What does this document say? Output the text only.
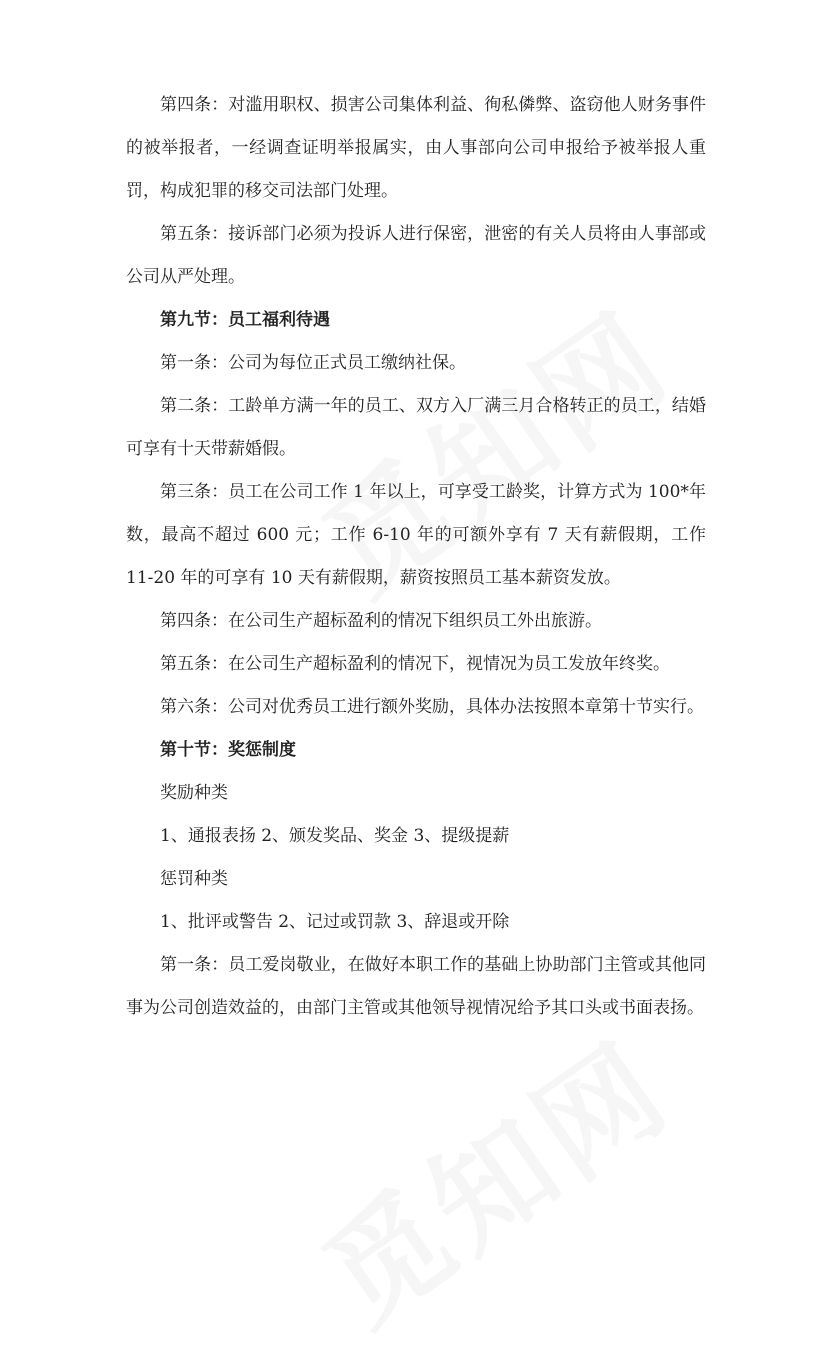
第四条：对滥用职权、损害公司集体利益、徇私僯弊、盗窃他人财务事件的被举报者，一经调查证明举报属实，由人事部向公司申报给予被举报人重罚，构成犯罪的移交司法部门处理。

第五条：接诉部门必须为投诉人进行保密，泄密的有关人员将由人事部或公司从严处理。

第九节：员工福利待遇

第一条：公司为每位正式员工缴纳社保。

第二条：工龄单方满一年的员工、双方入厂满三月合格转正的员工，结婚可享有十天带薪婚假。

第三条：员工在公司工作 1 年以上，可享受工龄奖，计算方式为 100*年数，最高不超过 600 元；工作 6-10 年的可额外享有 7 天有薪假期，工作 11-20 年的可享有 10 天有薪假期，薪资按照员工基本薪资发放。

第四条：在公司生产超标盈利的情况下组织员工外出旅游。

第五条：在公司生产超标盈利的情况下，视情况为员工发放年终奖。

第六条：公司对优秀员工进行额外奖励，具体办法按照本章第十节实行。

第十节：奖惩制度

奖励种类

1、通报表扬 2、颁发奖品、奖金 3、提级提薪

惩罚种类

1、批评或警告 2、记过或罚款 3、辞退或开除

第一条：员工爱岗敬业，在做好本职工作的基础上协助部门主管或其他同事为公司创造效益的，由部门主管或其他领导视情况给予其口头或书面表扬。
